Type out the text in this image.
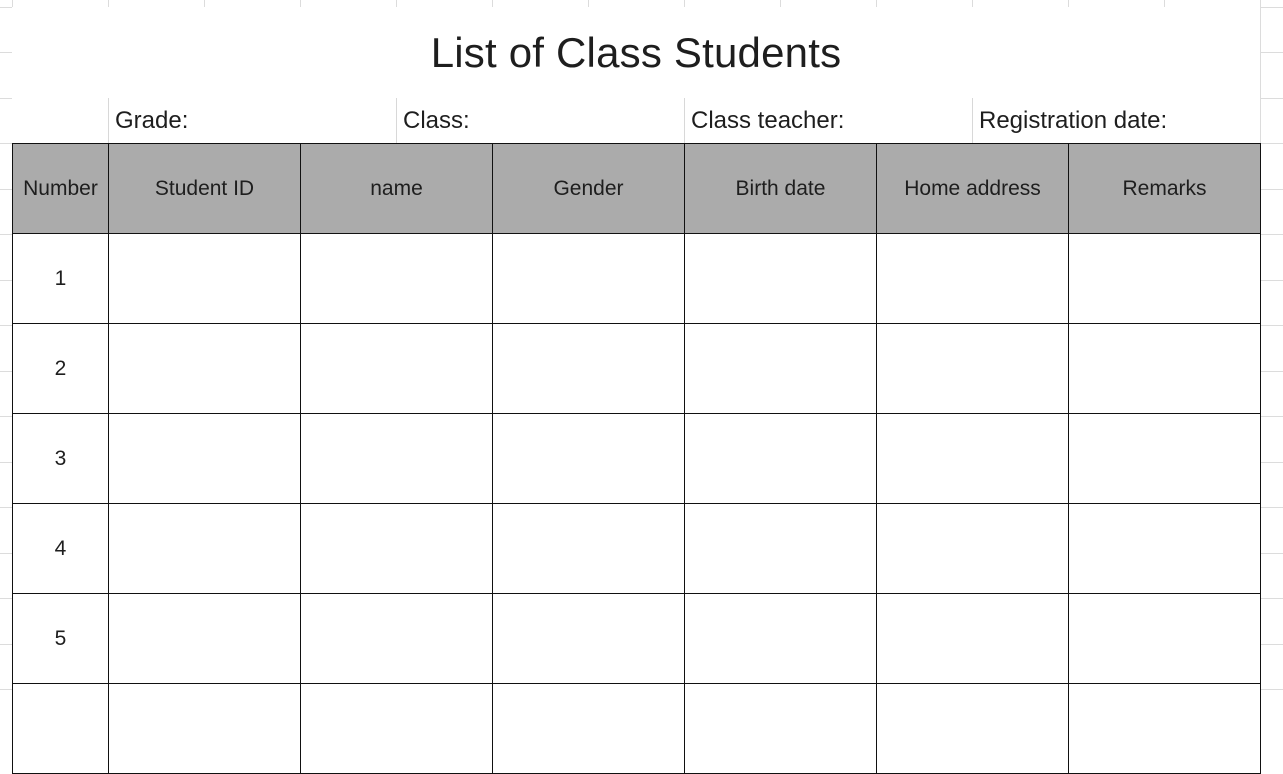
List of Class Students
Grade:	Class:	Class teacher:	Registration date:
Number	Student ID	name	Gender	Birth date	Home address	Remarks
1						
2						
3						
4						
5						
